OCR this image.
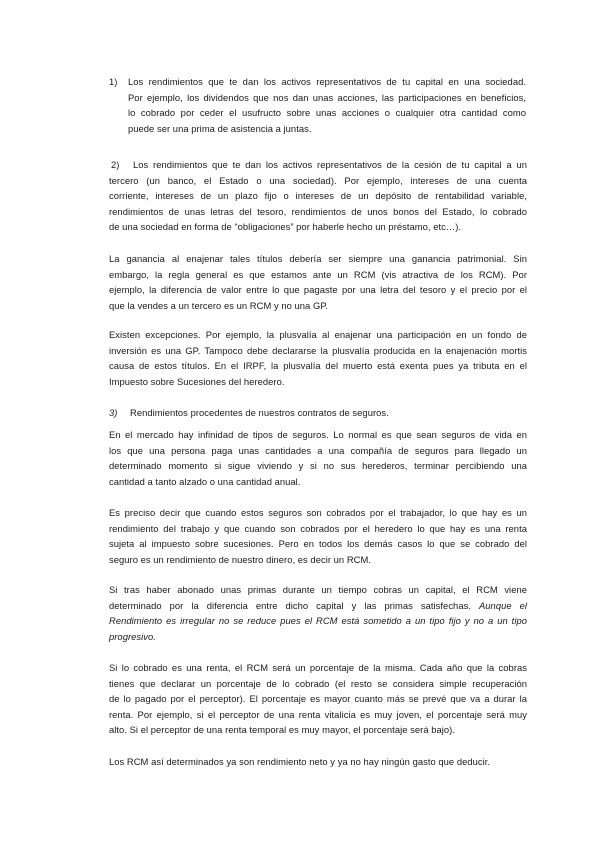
1) Los rendimientos que te dan los activos representativos de tu capital en una sociedad.
Por ejemplo, los dividendos que nos dan unas acciones, las participaciones en beneficios,
lo cobrado por ceder el usufructo sobre unas acciones o cualquier otra cantidad como
puede ser una prima de asistencia a juntas.

2)	Los rendimientos que te dan los activos representativos de la cesión de tu capital a un
tercero (un banco, el Estado o una sociedad). Por ejemplo, intereses de una cuenta
corriente, intereses de un plazo fijo o intereses de un depósito de rentabilidad variable,
rendimientos de unas letras del tesoro, rendimientos de unos bonos del Estado, lo cobrado
de una sociedad en forma de “obligaciones” por haberle hecho un préstamo, etc…).
La ganancia al enajenar tales títulos debería ser siempre una ganancia patrimonial. Sin
embargo, la regla general es que estamos ante un RCM (vis atractiva de los RCM). Por
ejemplo, la diferencia de valor entre lo que pagaste por una letra del tesoro y el precio por el
que la vendes a un tercero es un RCM y no una GP.
Existen excepciones. Por ejemplo, la plusvalía al enajenar una participación en un fondo de
inversión es una GP. Tampoco debe declararse la plusvalía producida en la enajenación mortis
causa de estos títulos. En el IRPF, la plusvalía del muerto está exenta pues ya tributa en el
Impuesto sobre Sucesiones del heredero.

3) Rendimientos procedentes de nuestros contratos de seguros.

En el mercado hay infinidad de tipos de seguros. Lo normal es que sean seguros de vida en
los que una persona paga unas cantidades a una compañía de seguros para llegado un
determinado momento si sigue viviendo y si no sus herederos, terminar percibiendo una
cantidad a tanto alzado o una cantidad anual.
Es preciso decir que cuando estos seguros son cobrados por el trabajador, lo que hay es un
rendimiento del trabajo y que cuando son cobrados por el heredero lo que hay es una renta
sujeta al impuesto sobre sucesiones. Pero en todos los demás casos lo que se cobrado del
seguro es un rendimiento de nuestro dinero, es decir un RCM.
Si tras haber abonado unas primas durante un tiempo cobras un capital, el RCM viene
determinado por la diferencia entre dicho capital y las primas satisfechas. Aunque el
Rendimiento es irregular no se reduce pues el RCM está sometido a un tipo fijo y no a un tipo
progresivo.
Si lo cobrado es una renta, el RCM será un porcentaje de la misma. Cada año que la cobras
tienes que declarar un porcentaje de lo cobrado (el resto se considera simple recuperación
de lo pagado por el perceptor). El porcentaje es mayor cuanto más se prevé que va a durar la
renta. Por ejemplo, si el perceptor de una renta vitalicia es muy joven, el porcentaje será muy
alto. Si el perceptor de una renta temporal es muy mayor, el porcentaje será bajo).
Los RCM así determinados ya son rendimiento neto y ya no hay ningún gasto que deducir.
